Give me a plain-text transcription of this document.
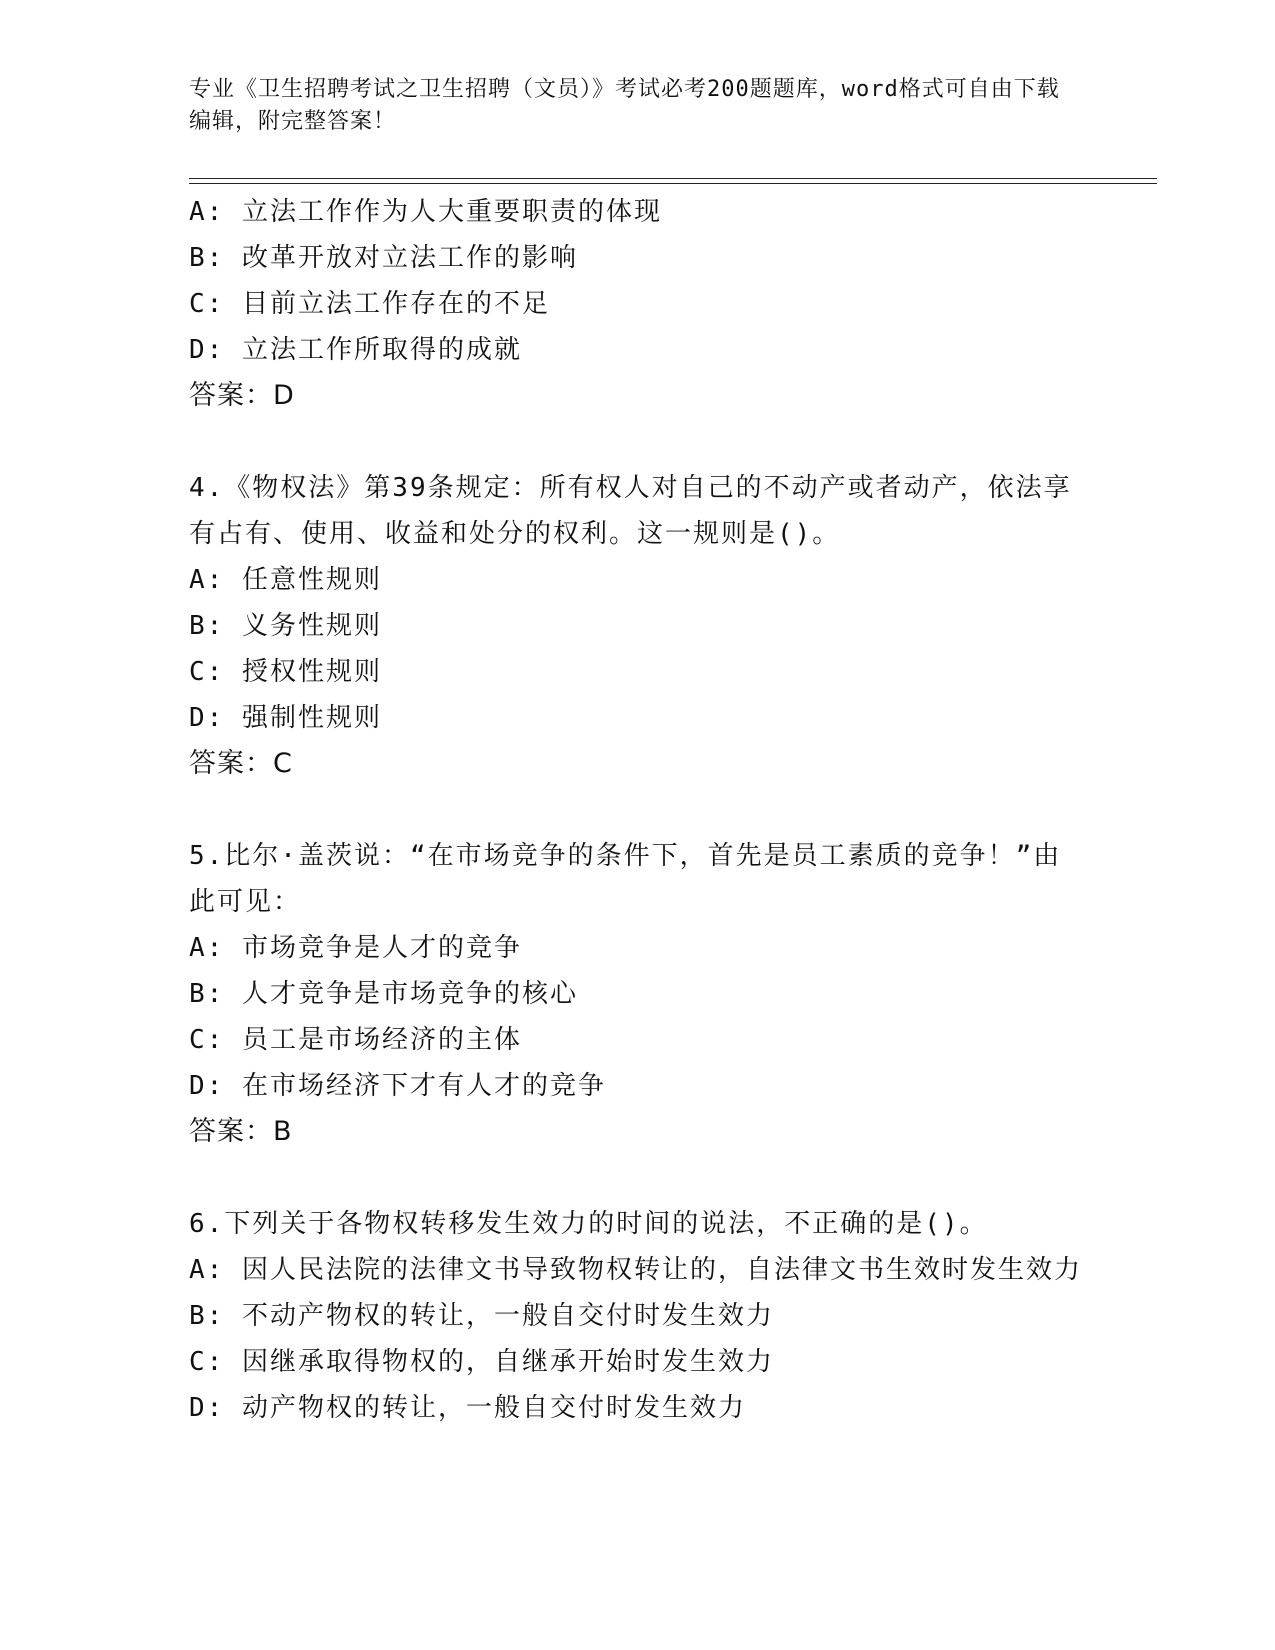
专业《卫生招聘考试之卫生招聘（文员）》考试必考200题题库，word格式可自由下载编辑，附完整答案！
A: 立法工作作为人大重要职责的体现
B: 改革开放对立法工作的影响
C: 目前立法工作存在的不足
D: 立法工作所取得的成就
答案：D
4.《物权法》第39条规定：所有权人对自己的不动产或者动产，依法享有占有、使用、收益和处分的权利。这一规则是()。
A: 任意性规则
B: 义务性规则
C: 授权性规则
D: 强制性规则
答案：C
5.比尔·盖茨说：“在市场竞争的条件下，首先是员工素质的竞争！”由此可见：
A: 市场竞争是人才的竞争
B: 人才竞争是市场竞争的核心
C: 员工是市场经济的主体
D: 在市场经济下才有人才的竞争
答案：B
6.下列关于各物权转移发生效力的时间的说法，不正确的是()。
A: 因人民法院的法律文书导致物权转让的，自法律文书生效时发生效力
B: 不动产物权的转让，一般自交付时发生效力
C: 因继承取得物权的，自继承开始时发生效力
D: 动产物权的转让，一般自交付时发生效力
